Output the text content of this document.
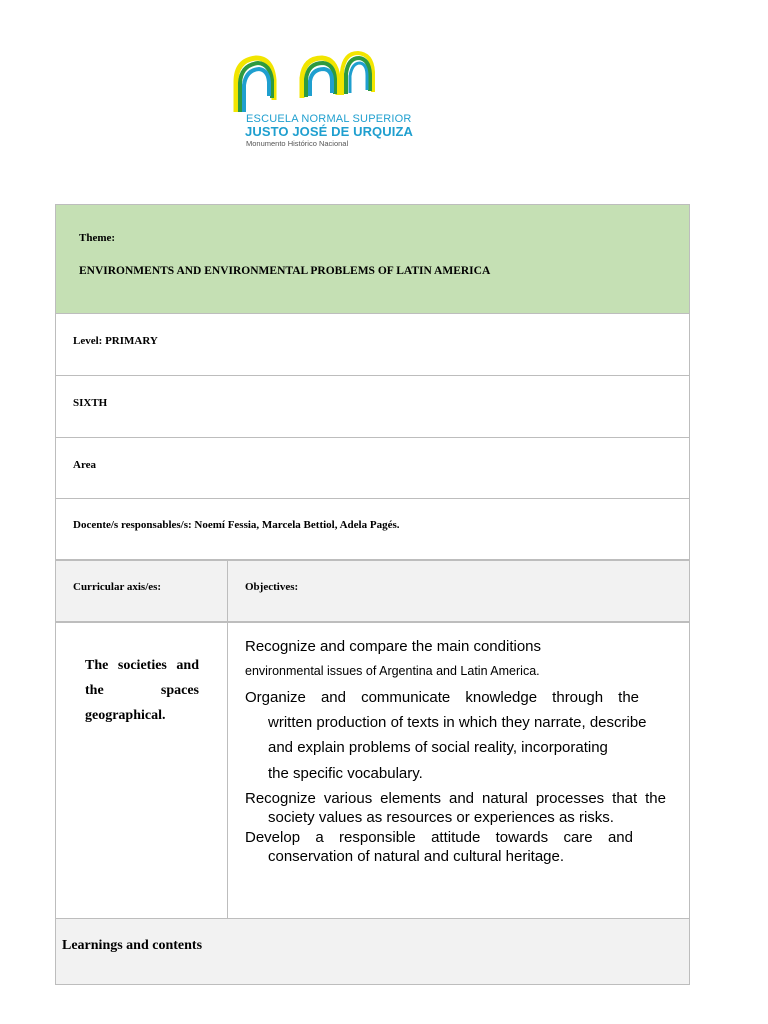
ESCUELA NORMAL SUPERIOR
JUSTO JOSÉ DE URQUIZA
Monumento Histórico Nacional
Theme:
ENVIRONMENTS AND ENVIRONMENTAL PROBLEMS OF LATIN AMERICA
Level: PRIMARY
SIXTH
Area
Docente/s responsables/s: Noemí Fessia, Marcela Bettiol, Adela Pagés.
Curricular axis/es:	Objectives:
The societies and the spaces geographical.
Recognize and compare the main conditions
environmental issues of Argentina and Latin America.
Organize and communicate knowledge through the
written production of texts in which they narrate, describe
and explain problems of social reality, incorporating
the specific vocabulary.
Recognize various elements and natural processes that the
society values as resources or experiences as risks.
Develop a responsible attitude towards care and
conservation of natural and cultural heritage.
Learnings and contents
